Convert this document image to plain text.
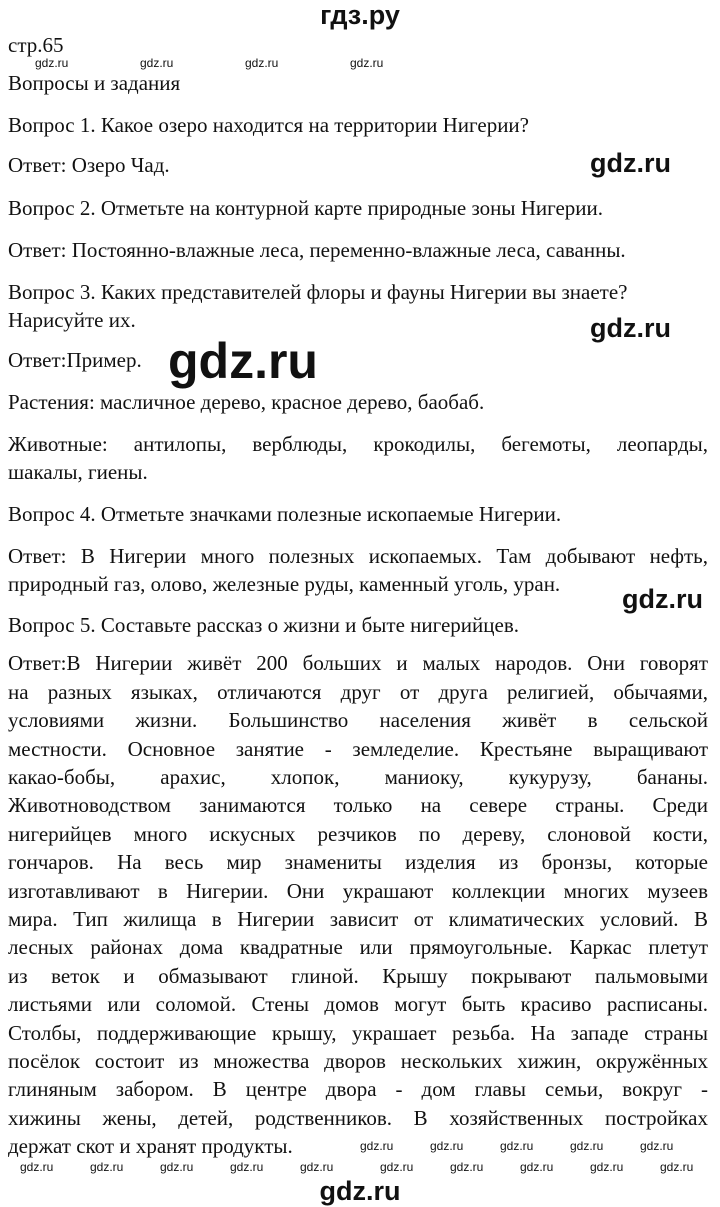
гдз.ру
стр.65
Вопросы и задания
Вопрос 1. Какое озеро находится на территории Нигерии?
Ответ: Озеро Чад.
Вопрос 2. Отметьте на контурной карте природные зоны Нигерии.
Ответ: Постоянно-влажные леса, переменно-влажные леса, саванны.
Вопрос 3. Каких представителей флоры и фауны Нигерии вы знаете?
Нарисуйте их.
Ответ:Пример.
Растения: масличное дерево, красное дерево, баобаб.
Животные: антилопы, верблюды, крокодилы, бегемоты, леопарды,
шакалы, гиены.
Вопрос 4. Отметьте значками полезные ископаемые Нигерии.
Ответ: В Нигерии много полезных ископаемых. Там добывают нефть,
природный газ, олово, железные руды, каменный уголь, уран.
Вопрос 5. Составьте рассказ о жизни и быте нигерийцев.
Ответ:В Нигерии живёт 200 больших и малых народов. Они говорят
на разных языках, отличаются друг от друга религией, обычаями,
условиями жизни. Большинство населения живёт в сельской
местности. Основное занятие - земледелие. Крестьяне выращивают
какао-бобы, арахис, хлопок, маниоку, кукурузу, бананы.
Животноводством занимаются только на севере страны. Среди
нигерийцев много искусных резчиков по дереву, слоновой кости,
гончаров. На весь мир знамениты изделия из бронзы, которые
изготавливают в Нигерии. Они украшают коллекции многих музеев
мира. Тип жилища в Нигерии зависит от климатических условий. В
лесных районах дома квадратные или прямоугольные. Каркас плетут
из веток и обмазывают глиной. Крышу покрывают пальмовыми
листьями или соломой. Стены домов могут быть красиво расписаны.
Столбы, поддерживающие крышу, украшает резьба. На западе страны
посёлок состоит из множества дворов нескольких хижин, окружённых
глиняным забором. В центре двора - дом главы семьи, вокруг -
хижины жены, детей, родственников. В хозяйственных постройках
держат скот и хранят продукты.
gdz.ru	gdz.ru	gdz.ru	gdz.ru
gdz.ru
gdz.ru
gdz.ru
gdz.ru
gdz.ru	gdz.ru	gdz.ru	gdz.ru	gdz.ru
gdz.ru	gdz.ru	gdz.ru	gdz.ru	gdz.ru	gdz.ru	gdz.ru	gdz.ru	gdz.ru	gdz.ru
gdz.ru
